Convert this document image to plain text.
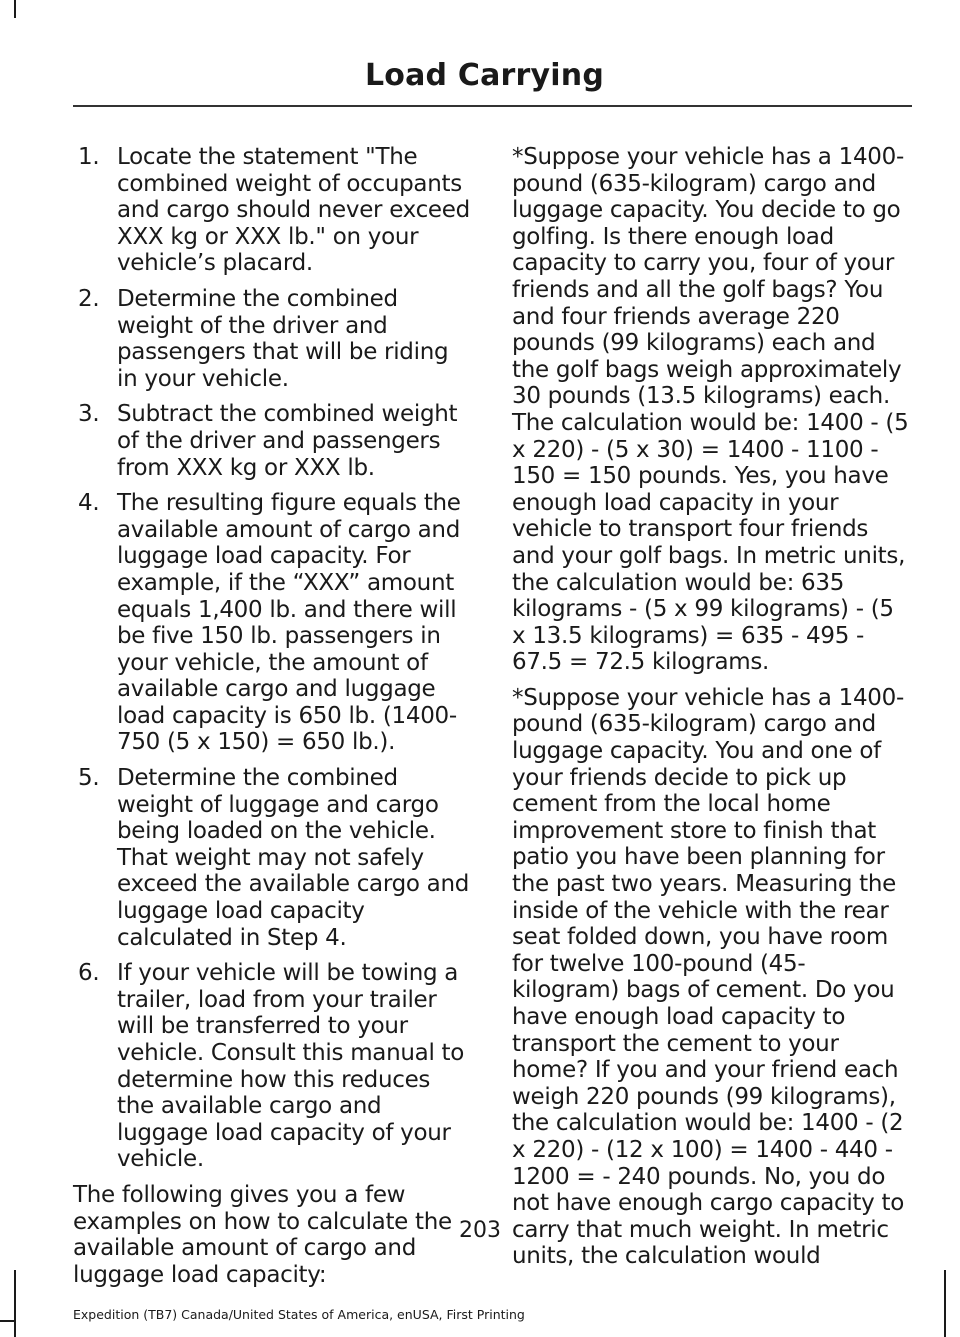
Load Carrying
1. Locate the statement "The combined weight of occupants and cargo should never exceed XXX kg or XXX lb." on your vehicle’s placard.
2. Determine the combined weight of the driver and passengers that will be riding in your vehicle.
3. Subtract the combined weight of the driver and passengers from XXX kg or XXX lb.
4. The resulting figure equals the available amount of cargo and luggage load capacity. For example, if the “XXX” amount equals 1,400 lb. and there will be five 150 lb. passengers in your vehicle, the amount of available cargo and luggage load capacity is 650 lb. (1400-750 (5 x 150) = 650 lb.).
5. Determine the combined weight of luggage and cargo being loaded on the vehicle. That weight may not safely exceed the available cargo and luggage load capacity calculated in Step 4.
6. If your vehicle will be towing a trailer, load from your trailer will be transferred to your vehicle. Consult this manual to determine how this reduces the available cargo and luggage load capacity of your vehicle.

The following gives you a few examples on how to calculate the available amount of cargo and luggage load capacity:

*Suppose your vehicle has a 1400-pound (635-kilogram) cargo and luggage capacity. You decide to go golfing. Is there enough load capacity to carry you, four of your friends and all the golf bags? You and four friends average 220 pounds (99 kilograms) each and the golf bags weigh approximately 30 pounds (13.5 kilograms) each. The calculation would be: 1400 - (5 x 220) - (5 x 30) = 1400 - 1100 - 150 = 150 pounds. Yes, you have enough load capacity in your vehicle to transport four friends and your golf bags. In metric units, the calculation would be: 635 kilograms - (5 x 99 kilograms) - (5 x 13.5 kilograms) = 635 - 495 - 67.5 = 72.5 kilograms.

*Suppose your vehicle has a 1400-pound (635-kilogram) cargo and luggage capacity. You and one of your friends decide to pick up cement from the local home improvement store to finish that patio you have been planning for the past two years. Measuring the inside of the vehicle with the rear seat folded down, you have room for twelve 100-pound (45-kilogram) bags of cement. Do you have enough load capacity to transport the cement to your home? If you and your friend each weigh 220 pounds (99 kilograms), the calculation would be: 1400 - (2 x 220) - (12 x 100) = 1400 - 440 - 1200 = - 240 pounds. No, you do not have enough cargo capacity to carry that much weight. In metric units, the calculation would

203
Expedition (TB7) Canada/United States of America, enUSA, First Printing
